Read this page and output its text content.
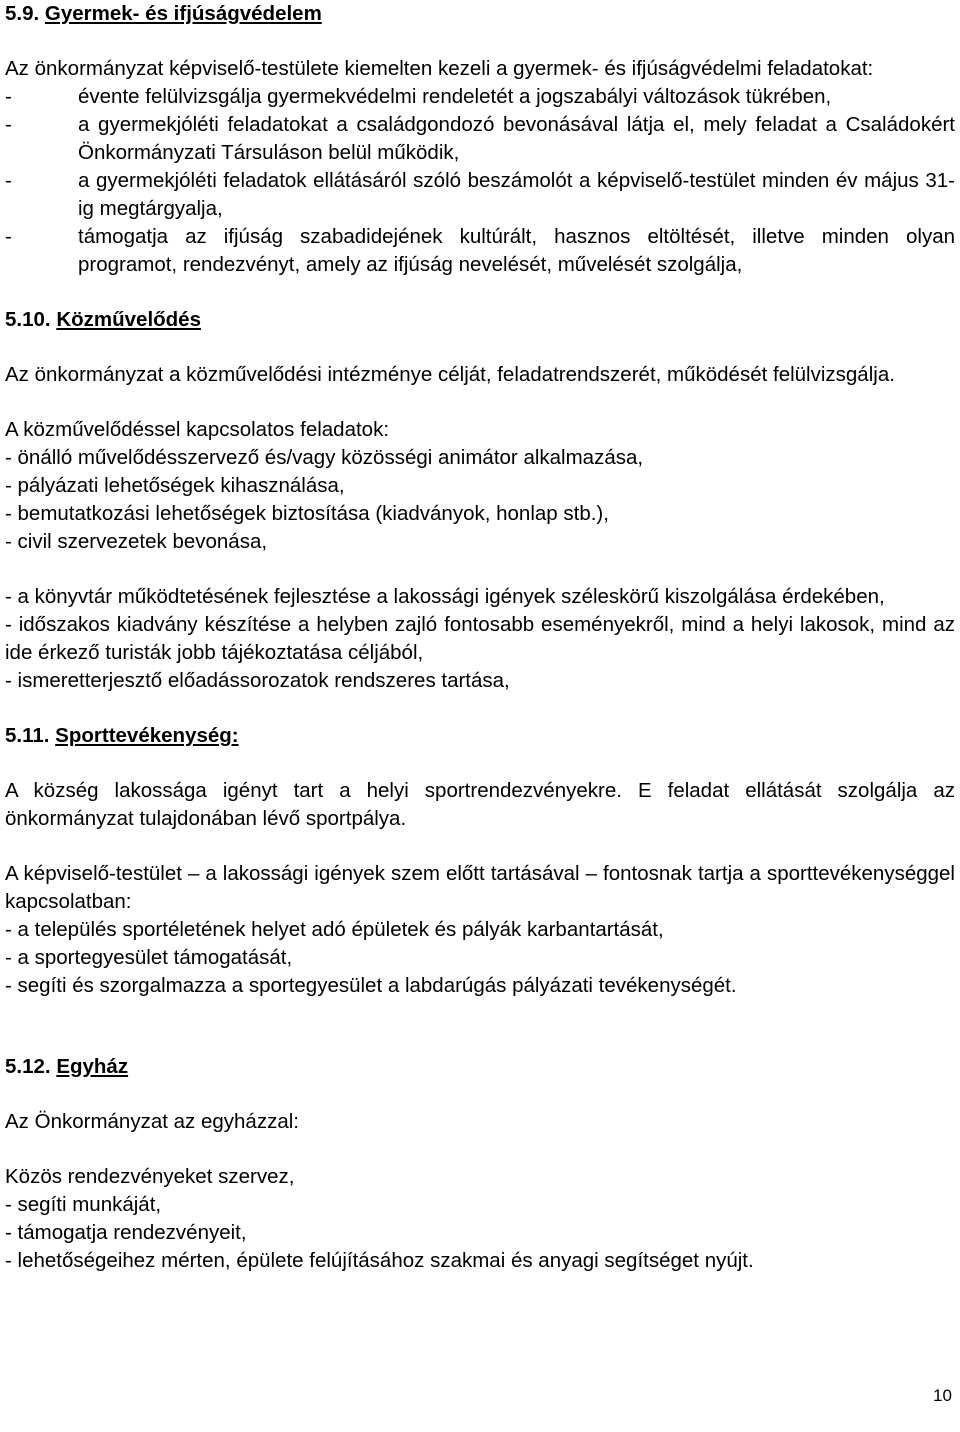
5.9. Gyermek- és ifjúságvédelem

Az önkormányzat képviselő-testülete kiemelten kezeli a gyermek- és ifjúságvédelmi feladatokat:

-	évente felülvizsgálja gyermekvédelmi rendeletét a jogszabályi változások tükrében,

-	a gyermekjóléti feladatokat a családgondozó bevonásával látja el, mely feladat a Családokért Önkormányzati Társuláson belül működik,

-	a gyermekjóléti feladatok ellátásáról szóló beszámolót a képviselő-testület minden év május 31-ig megtárgyalja,

-	támogatja az ifjúság szabadidejének kultúrált, hasznos eltöltését, illetve minden olyan programot, rendezvényt, amely az ifjúság nevelését, művelését szolgálja,

5.10. Közművelődés

Az önkormányzat a közművelődési intézménye célját, feladatrendszerét, működését felülvizsgálja.

A közművelődéssel kapcsolatos feladatok:

- önálló művelődésszervező és/vagy közösségi animátor alkalmazása,

- pályázati lehetőségek kihasználása,

- bemutatkozási lehetőségek biztosítása (kiadványok, honlap stb.),

- civil szervezetek bevonása,

- a könyvtár működtetésének fejlesztése a lakossági igények széleskörű kiszolgálása érdekében,

- időszakos kiadvány készítése a helyben zajló fontosabb eseményekről, mind a helyi lakosok, mind az ide érkező turisták jobb tájékoztatása céljából,

- ismeretterjesztő előadássorozatok rendszeres tartása,

5.11. Sporttevékenység:

A község lakossága igényt tart a helyi sportrendezvényekre. E feladat ellátását szolgálja az önkormányzat tulajdonában lévő sportpálya.

A képviselő-testület – a lakossági igények szem előtt tartásával – fontosnak tartja a sporttevékenységgel kapcsolatban:

- a település sportéletének helyet adó épületek és pályák karbantartását,

- a sportegyesület támogatását,

- segíti és szorgalmazza a sportegyesület a labdarúgás pályázati tevékenységét.

5.12. Egyház

Az Önkormányzat az egyházzal:

Közös rendezvényeket szervez,

- segíti munkáját,

- támogatja rendezvényeit,

- lehetőségeihez mérten, épülete felújításához szakmai és anyagi segítséget nyújt.

10
